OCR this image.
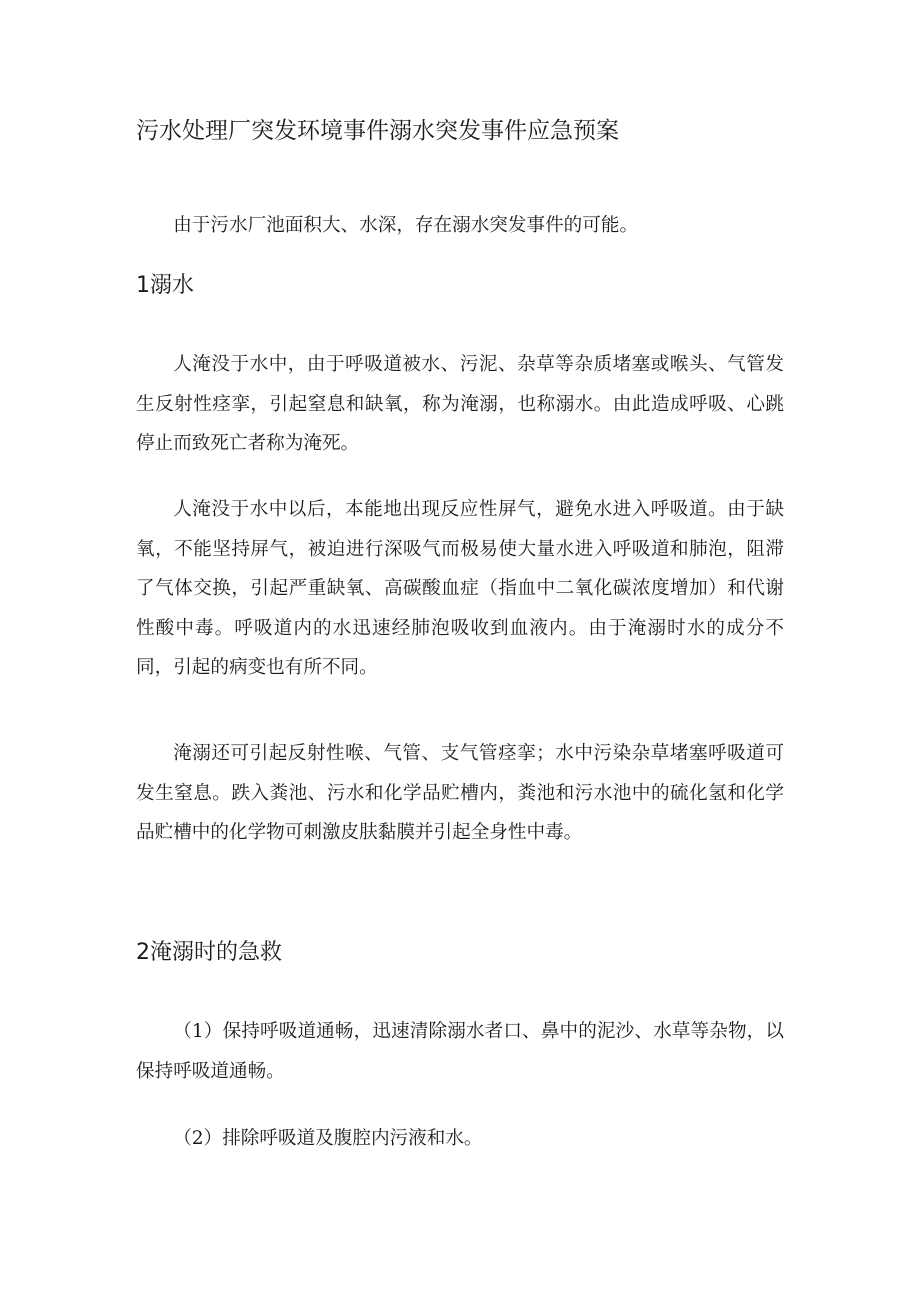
污水处理厂突发环境事件溺水突发事件应急预案

由于污水厂池面积大、水深，存在溺水突发事件的可能。

1溺水

人淹没于水中，由于呼吸道被水、污泥、杂草等杂质堵塞或喉头、气管发生反射性痉挛，引起窒息和缺氧，称为淹溺，也称溺水。由此造成呼吸、心跳停止而致死亡者称为淹死。

人淹没于水中以后，本能地出现反应性屏气，避免水进入呼吸道。由于缺氧，不能坚持屏气，被迫进行深吸气而极易使大量水进入呼吸道和肺泡，阻滞了气体交换，引起严重缺氧、高碳酸血症（指血中二氧化碳浓度增加）和代谢性酸中毒。呼吸道内的水迅速经肺泡吸收到血液内。由于淹溺时水的成分不同，引起的病变也有所不同。

淹溺还可引起反射性喉、气管、支气管痉挛；水中污染杂草堵塞呼吸道可发生窒息。跌入粪池、污水和化学品贮槽内，粪池和污水池中的硫化氢和化学品贮槽中的化学物可刺激皮肤黏膜并引起全身性中毒。

2淹溺时的急救

（1）保持呼吸道通畅，迅速清除溺水者口、鼻中的泥沙、水草等杂物，以保持呼吸道通畅。

（2）排除呼吸道及腹腔内污液和水。
